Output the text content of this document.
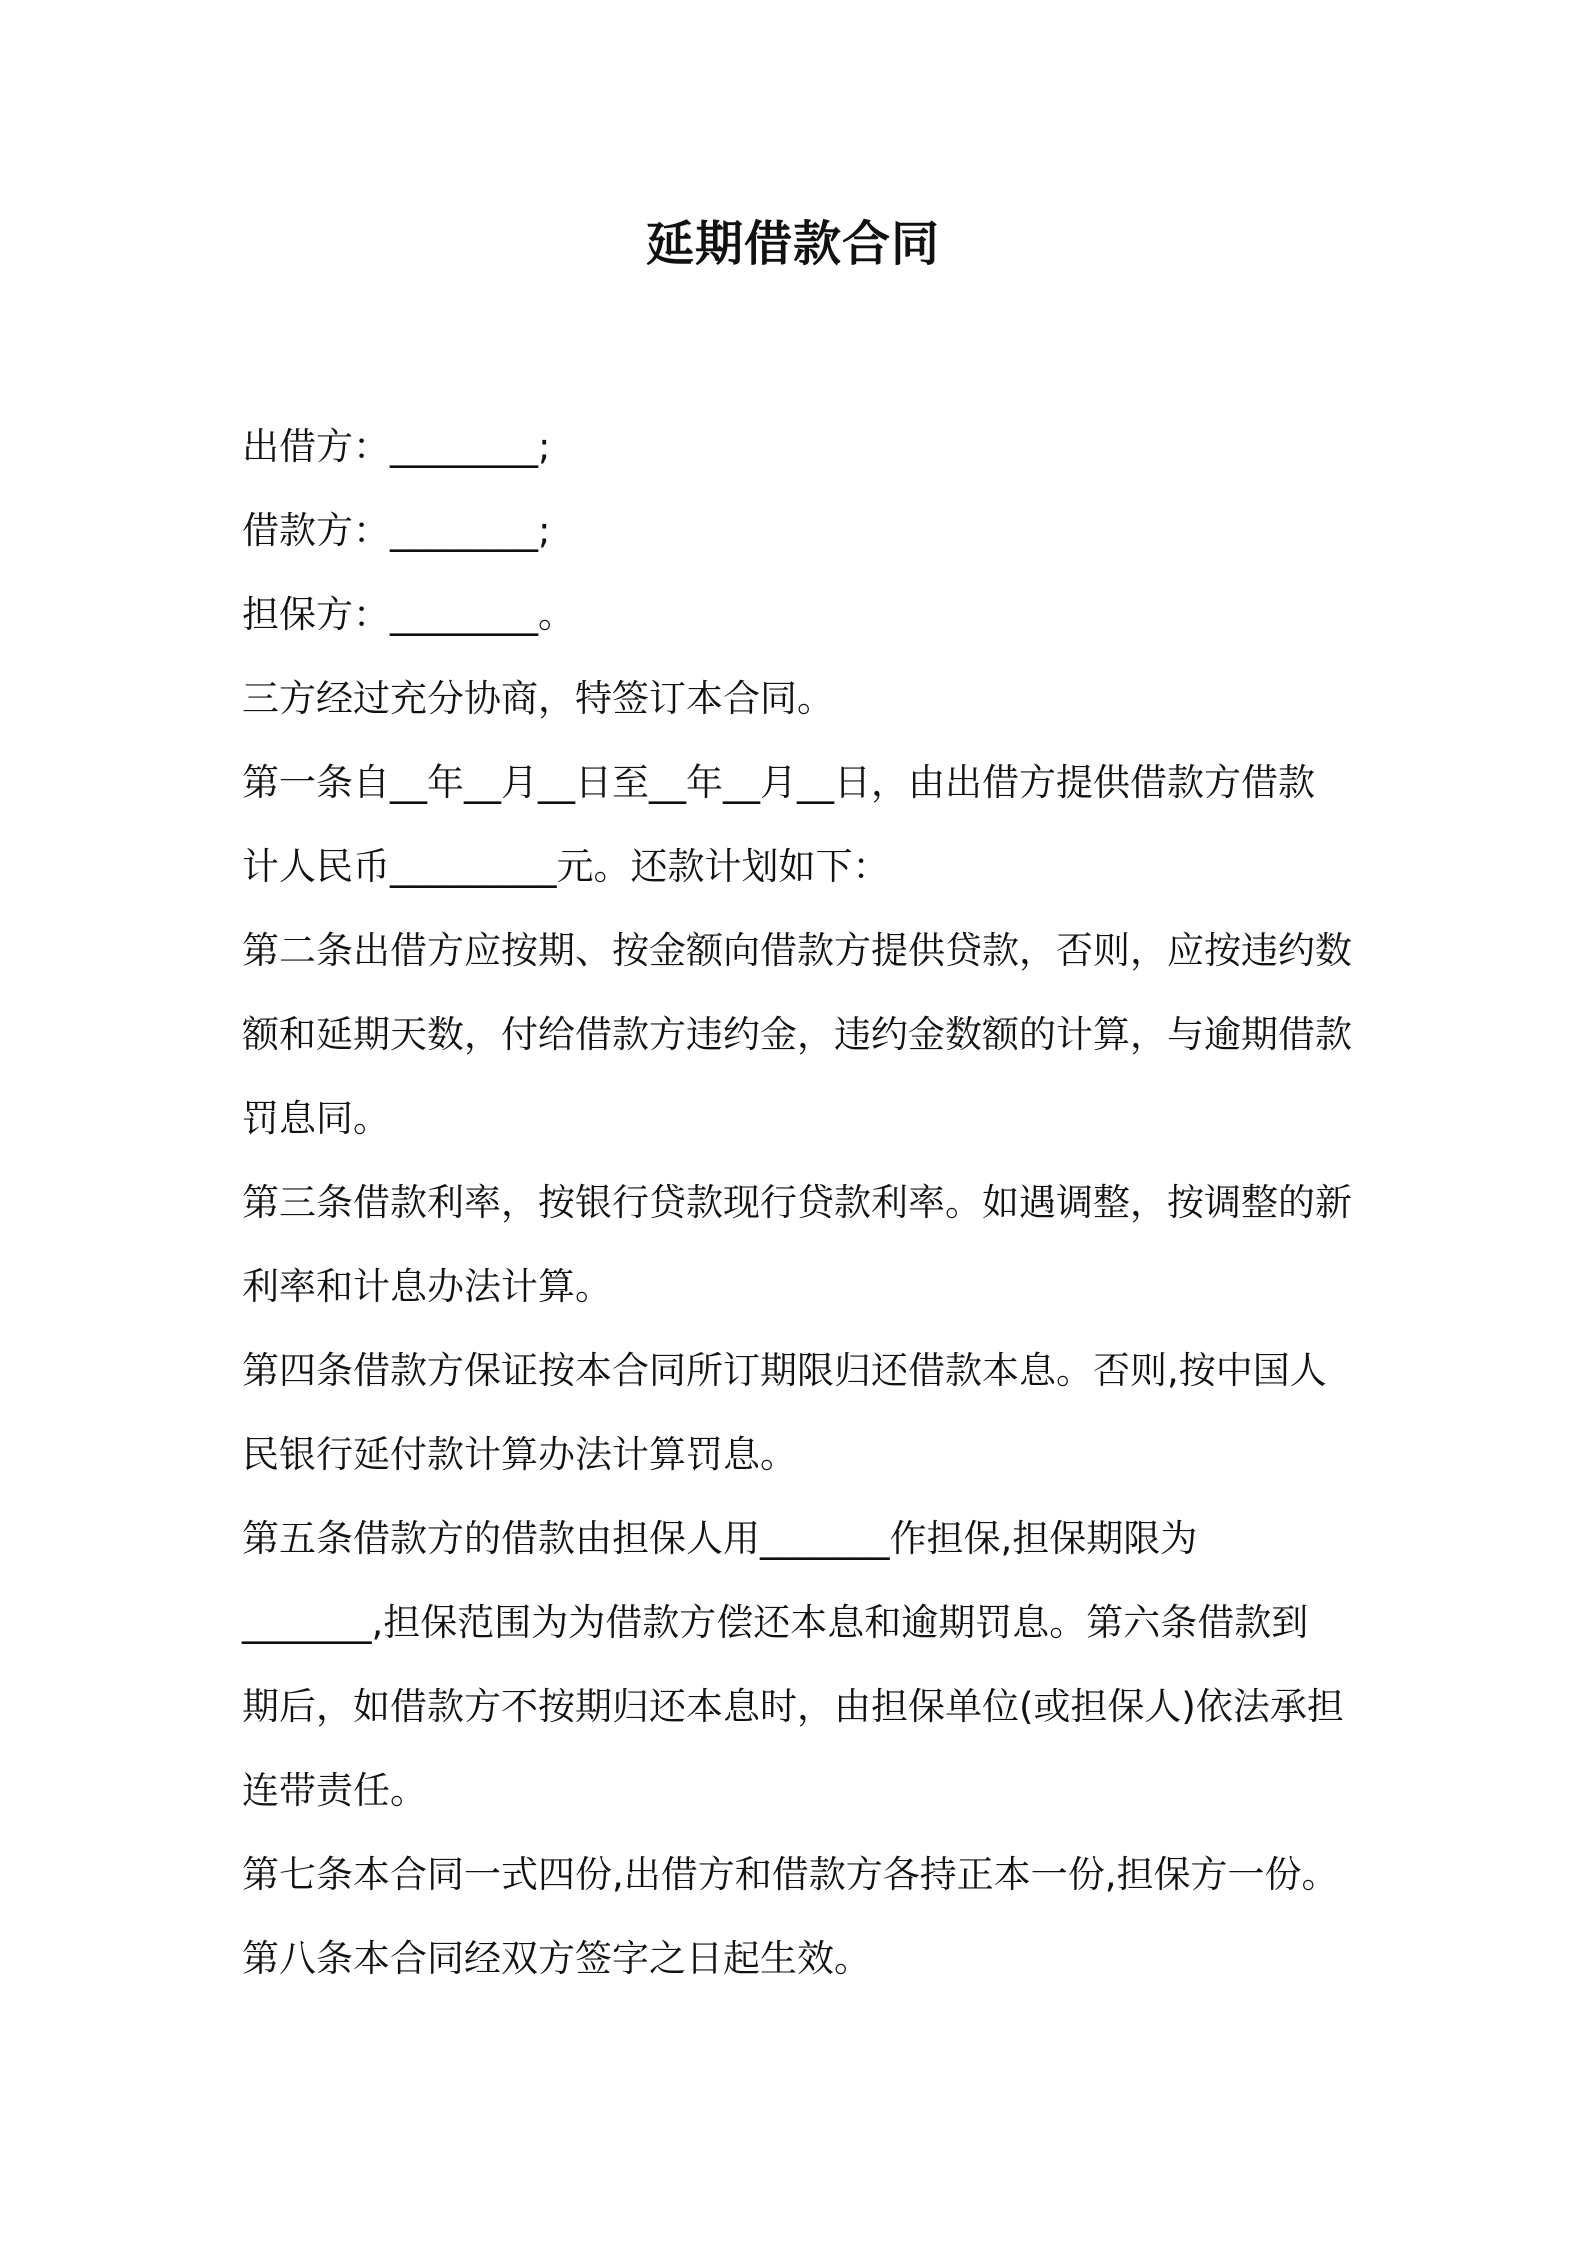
延期借款合同
出借方：________;
借款方：________;
担保方：________。
三方经过充分协商，特签订本合同。
第一条自__年__月__日至__年__月__日，由出借方提供借款方借款
计人民币_________元。还款计划如下：
第二条出借方应按期、按金额向借款方提供贷款，否则，应按违约数
额和延期天数，付给借款方违约金，违约金数额的计算，与逾期借款
罚息同。
第三条借款利率，按银行贷款现行贷款利率。如遇调整，按调整的新
利率和计息办法计算。
第四条借款方保证按本合同所订期限归还借款本息。否则,按中国人
民银行延付款计算办法计算罚息。
第五条借款方的借款由担保人用_______作担保,担保期限为
_______,担保范围为为借款方偿还本息和逾期罚息。第六条借款到
期后，如借款方不按期归还本息时，由担保单位(或担保人)依法承担
连带责任。
第七条本合同一式四份,出借方和借款方各持正本一份,担保方一份。
第八条本合同经双方签字之日起生效。
